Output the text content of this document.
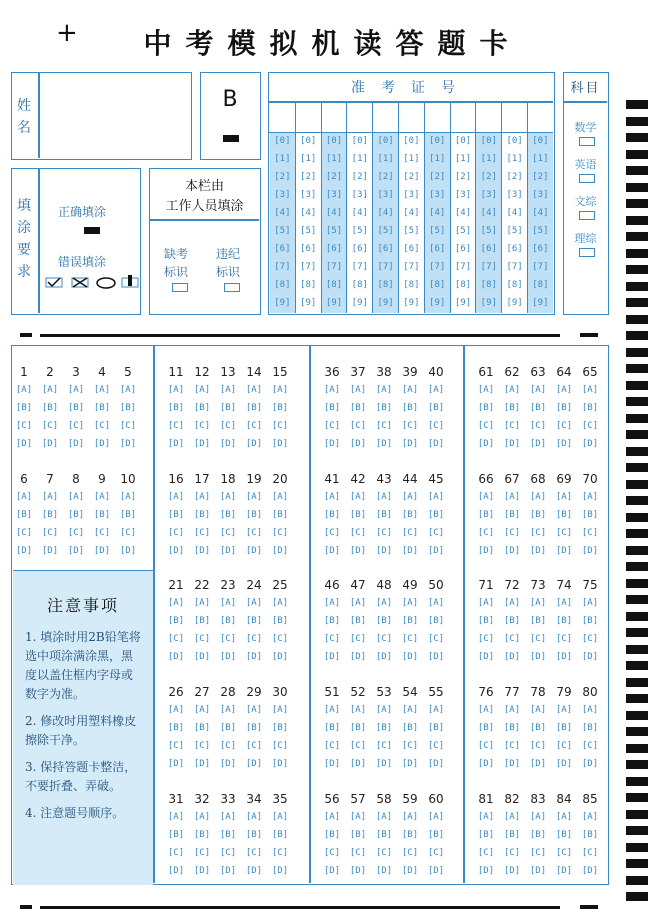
+	中考模拟机读答题卡
姓名
B	准考证号
[0]
[1]
[2]
[3]
[4]
[5]
[6]
[7]
[8]
[9]
[0]
[1]
[2]
[3]
[4]
[5]
[6]
[7]
[8]
[9]
[0]
[1]
[2]
[3]
[4]
[5]
[6]
[7]
[8]
[9]
[0]
[1]
[2]
[3]
[4]
[5]
[6]
[7]
[8]
[9]
[0]
[1]
[2]
[3]
[4]
[5]
[6]
[7]
[8]
[9]
[0]
[1]
[2]
[3]
[4]
[5]
[6]
[7]
[8]
[9]
[0]
[1]
[2]
[3]
[4]
[5]
[6]
[7]
[8]
[9]
[0]
[1]
[2]
[3]
[4]
[5]
[6]
[7]
[8]
[9]
[0]
[1]
[2]
[3]
[4]
[5]
[6]
[7]
[8]
[9]
[0]
[1]
[2]
[3]
[4]
[5]
[6]
[7]
[8]
[9]
[0]
[1]
[2]
[3]
[4]
[5]
[6]
[7]
[8]
[9]
科目
数学
英语
文综
理综
填涂要求
正确填涂
错误填涂
本栏由
工作人员填涂
缺考
标识
违纪
标识
注意事项
1. 填涂时用2B铅笔将选中项涂满涂黑，黑度以盖住框内字母或数字为准。
2. 修改时用塑料橡皮擦除干净。
3. 保持答题卡整洁，不要折叠、弄破。
4. 注意题号顺序。
1
[A]
[B]
[C]
[D]
2
[A]
[B]
[C]
[D]
3
[A]
[B]
[C]
[D]
4
[A]
[B]
[C]
[D]
5
[A]
[B]
[C]
[D]
6
[A]
[B]
[C]
[D]
7
[A]
[B]
[C]
[D]
8
[A]
[B]
[C]
[D]
9
[A]
[B]
[C]
[D]
10
[A]
[B]
[C]
[D]
11
[A]
[B]
[C]
[D]
12
[A]
[B]
[C]
[D]
13
[A]
[B]
[C]
[D]
14
[A]
[B]
[C]
[D]
15
[A]
[B]
[C]
[D]
16
[A]
[B]
[C]
[D]
17
[A]
[B]
[C]
[D]
18
[A]
[B]
[C]
[D]
19
[A]
[B]
[C]
[D]
20
[A]
[B]
[C]
[D]
21
[A]
[B]
[C]
[D]
22
[A]
[B]
[C]
[D]
23
[A]
[B]
[C]
[D]
24
[A]
[B]
[C]
[D]
25
[A]
[B]
[C]
[D]
26
[A]
[B]
[C]
[D]
27
[A]
[B]
[C]
[D]
28
[A]
[B]
[C]
[D]
29
[A]
[B]
[C]
[D]
30
[A]
[B]
[C]
[D]
31
[A]
[B]
[C]
[D]
32
[A]
[B]
[C]
[D]
33
[A]
[B]
[C]
[D]
34
[A]
[B]
[C]
[D]
35
[A]
[B]
[C]
[D]
36
[A]
[B]
[C]
[D]
37
[A]
[B]
[C]
[D]
38
[A]
[B]
[C]
[D]
39
[A]
[B]
[C]
[D]
40
[A]
[B]
[C]
[D]
41
[A]
[B]
[C]
[D]
42
[A]
[B]
[C]
[D]
43
[A]
[B]
[C]
[D]
44
[A]
[B]
[C]
[D]
45
[A]
[B]
[C]
[D]
46
[A]
[B]
[C]
[D]
47
[A]
[B]
[C]
[D]
48
[A]
[B]
[C]
[D]
49
[A]
[B]
[C]
[D]
50
[A]
[B]
[C]
[D]
51
[A]
[B]
[C]
[D]
52
[A]
[B]
[C]
[D]
53
[A]
[B]
[C]
[D]
54
[A]
[B]
[C]
[D]
55
[A]
[B]
[C]
[D]
56
[A]
[B]
[C]
[D]
57
[A]
[B]
[C]
[D]
58
[A]
[B]
[C]
[D]
59
[A]
[B]
[C]
[D]
60
[A]
[B]
[C]
[D]
61
[A]
[B]
[C]
[D]
62
[A]
[B]
[C]
[D]
63
[A]
[B]
[C]
[D]
64
[A]
[B]
[C]
[D]
65
[A]
[B]
[C]
[D]
66
[A]
[B]
[C]
[D]
67
[A]
[B]
[C]
[D]
68
[A]
[B]
[C]
[D]
69
[A]
[B]
[C]
[D]
70
[A]
[B]
[C]
[D]
71
[A]
[B]
[C]
[D]
72
[A]
[B]
[C]
[D]
73
[A]
[B]
[C]
[D]
74
[A]
[B]
[C]
[D]
75
[A]
[B]
[C]
[D]
76
[A]
[B]
[C]
[D]
77
[A]
[B]
[C]
[D]
78
[A]
[B]
[C]
[D]
79
[A]
[B]
[C]
[D]
80
[A]
[B]
[C]
[D]
81
[A]
[B]
[C]
[D]
82
[A]
[B]
[C]
[D]
83
[A]
[B]
[C]
[D]
84
[A]
[B]
[C]
[D]
85
[A]
[B]
[C]
[D]
